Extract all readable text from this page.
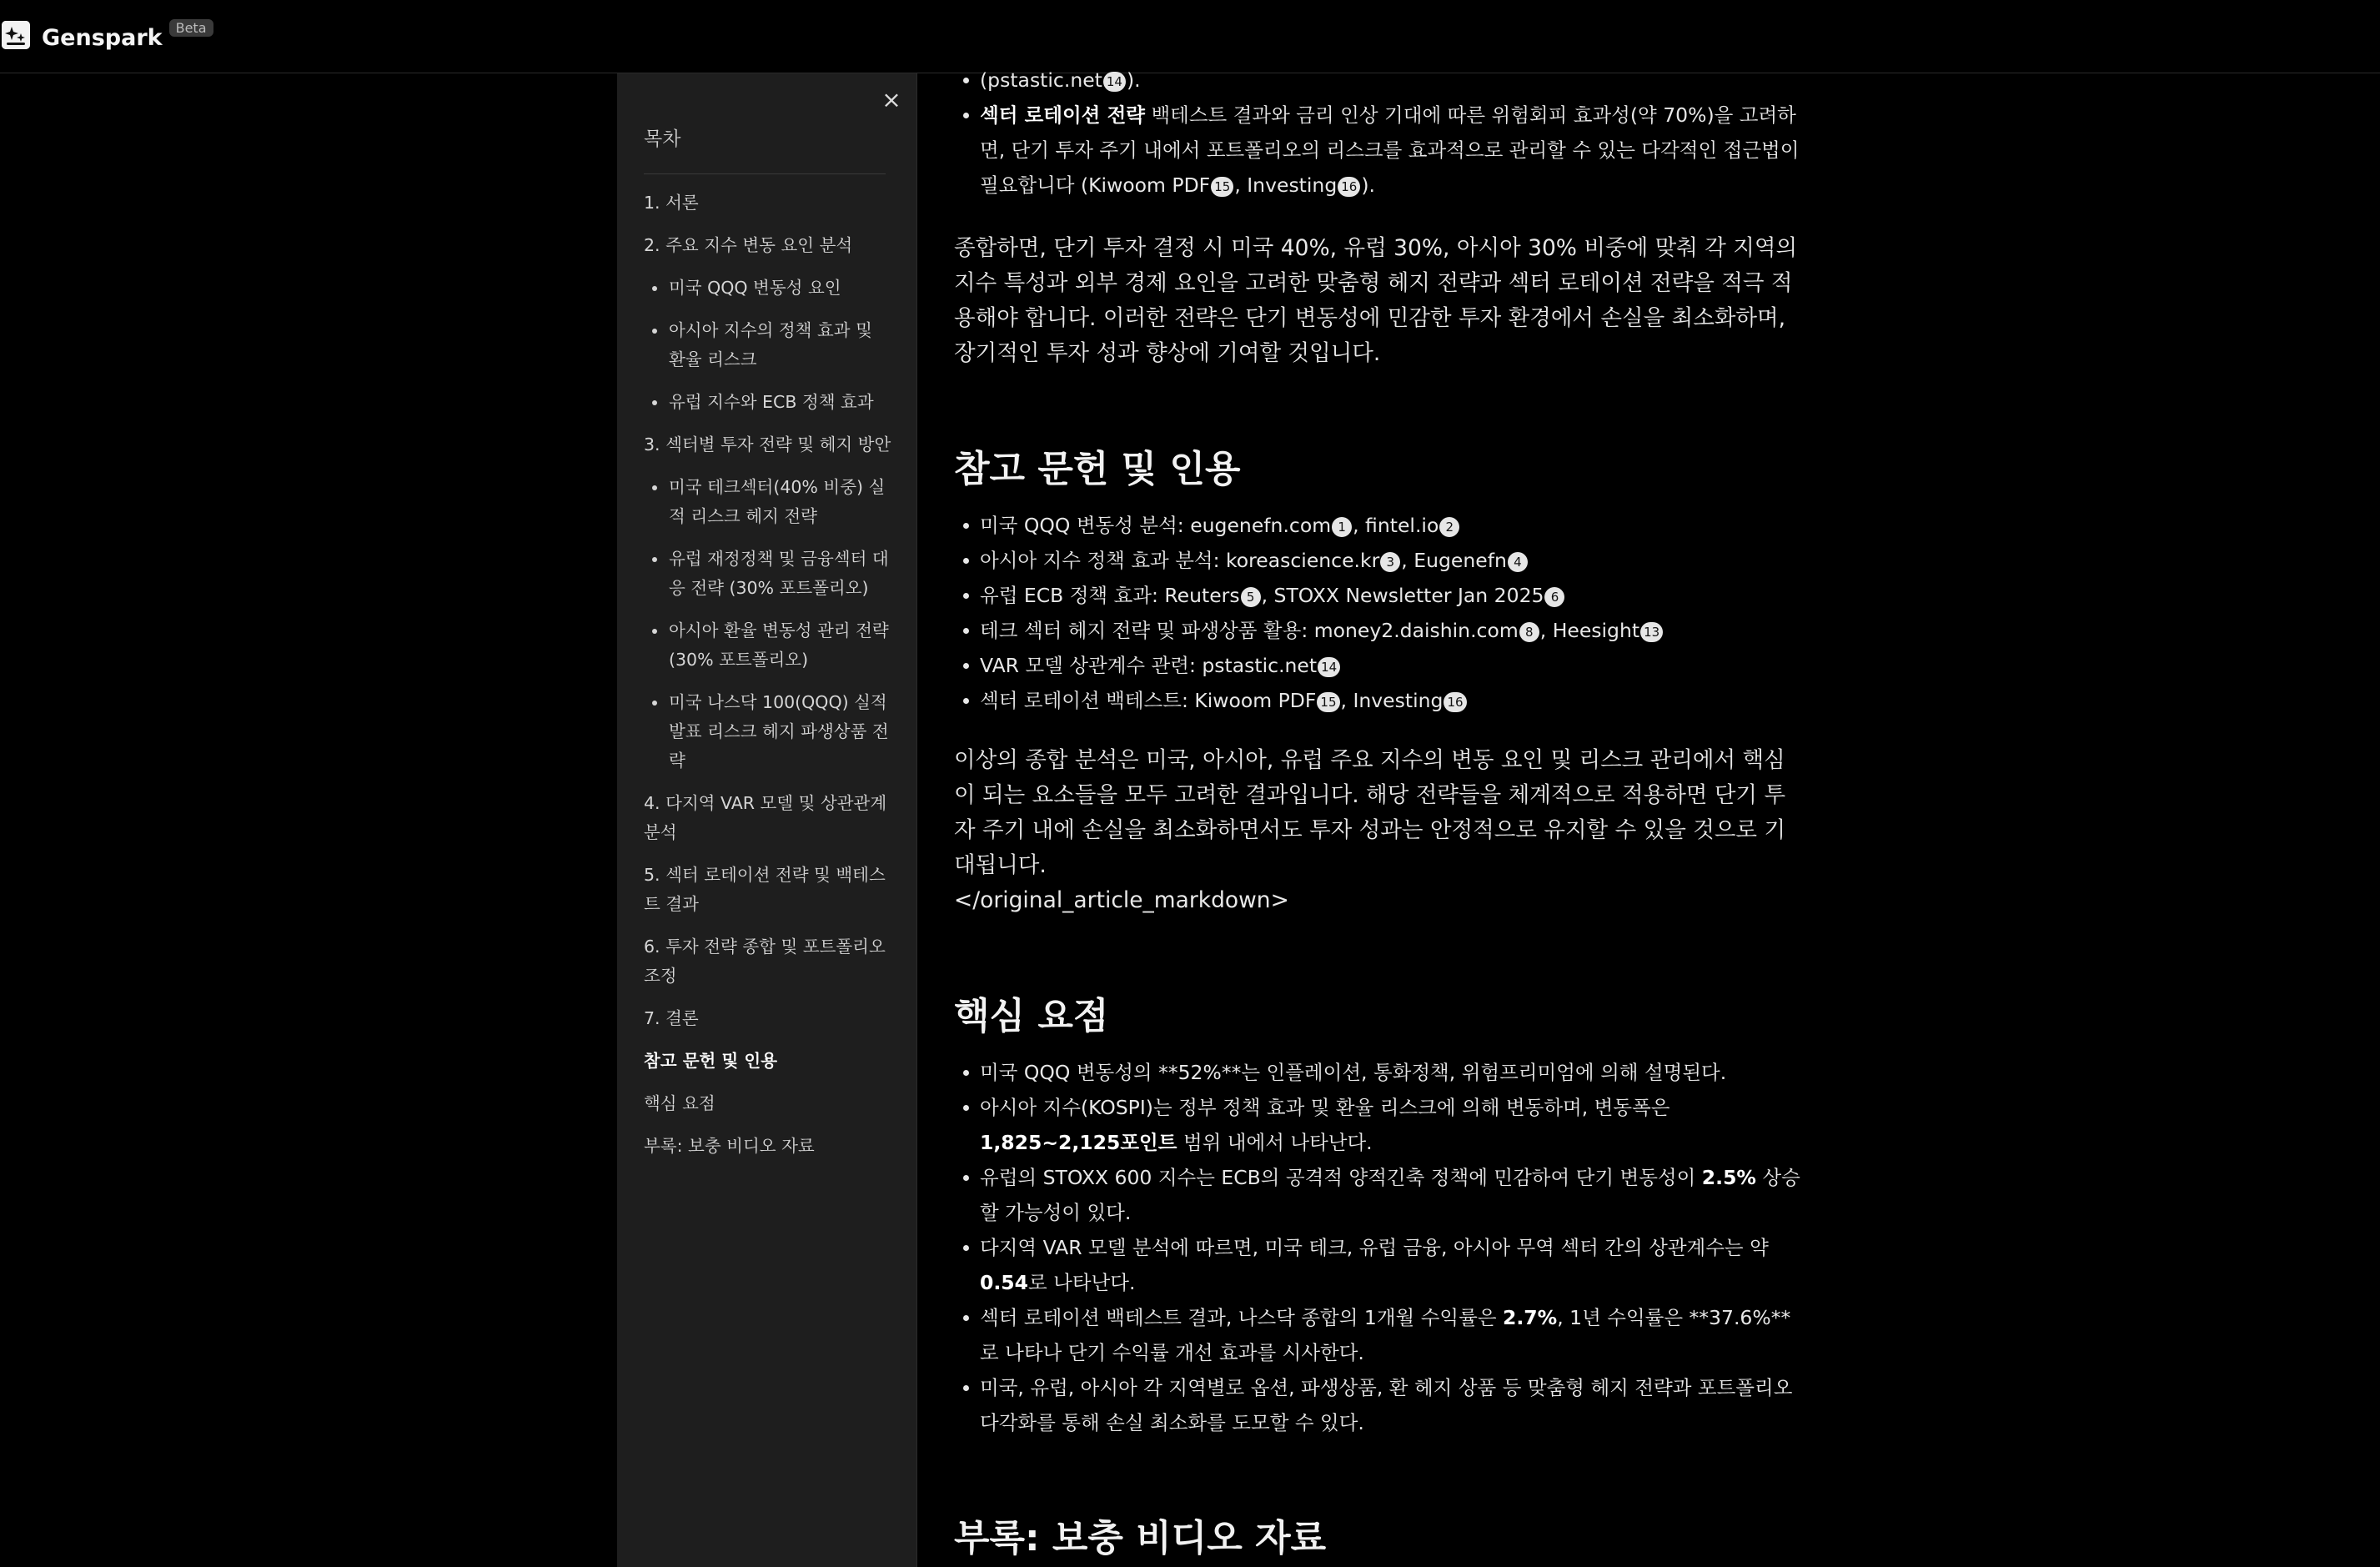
Genspark	Beta
×
목차
1. 서론
2. 주요 지수 변동 요인 분석
미국 QQQ 변동성 요인
아시아 지수의 정책 효과 및 환율 리스크
유럽 지수와 ECB 정책 효과
3. 섹터별 투자 전략 및 헤지 방안
미국 테크섹터(40% 비중) 실적 리스크 헤지 전략
유럽 재정정책 및 금융섹터 대응 전략 (30% 포트폴리오)
아시아 환율 변동성 관리 전략 (30% 포트폴리오)
미국 나스닥 100(QQQ) 실적 발표 리스크 헤지 파생상품 전략
4. 다지역 VAR 모델 및 상관관계 분석
5. 섹터 로테이션 전략 및 백테스트 결과
6. 투자 전략 종합 및 포트폴리오 조정
7. 결론
참고 문헌 및 인용
핵심 요점
부록: 보충 비디오 자료

(pstastic.net 14 ).
섹터 로테이션 전략 백테스트 결과와 금리 인상 기대에 따른 위험회피 효과성(약 70%)을 고려하면, 단기 투자 주기 내에서 포트폴리오의 리스크를 효과적으로 관리할 수 있는 다각적인 접근법이 필요합니다 (Kiwoom PDF 15 , Investing 16 ).

종합하면, 단기 투자 결정 시 미국 40%, 유럽 30%, 아시아 30% 비중에 맞춰 각 지역의 지수 특성과 외부 경제 요인을 고려한 맞춤형 헤지 전략과 섹터 로테이션 전략을 적극 적용해야 합니다. 이러한 전략은 단기 변동성에 민감한 투자 환경에서 손실을 최소화하며, 장기적인 투자 성과 향상에 기여할 것입니다.

참고 문헌 및 인용
미국 QQQ 변동성 분석: eugenefn.com 1 , fintel.io 2
아시아 지수 정책 효과 분석: koreascience.kr 3 , Eugenefn 4
유럽 ECB 정책 효과: Reuters 5 , STOXX Newsletter Jan 2025 6
테크 섹터 헤지 전략 및 파생상품 활용: money2.daishin.com 8 , Heesight 13
VAR 모델 상관계수 관련: pstastic.net 14
섹터 로테이션 백테스트: Kiwoom PDF 15 , Investing 16

이상의 종합 분석은 미국, 아시아, 유럽 주요 지수의 변동 요인 및 리스크 관리에서 핵심이 되는 요소들을 모두 고려한 결과입니다. 해당 전략들을 체계적으로 적용하면 단기 투자 주기 내에 손실을 최소화하면서도 투자 성과는 안정적으로 유지할 수 있을 것으로 기대됩니다.

</original_article_markdown>

핵심 요점
미국 QQQ 변동성의 **52%**는 인플레이션, 통화정책, 위험프리미엄에 의해 설명된다.
아시아 지수(KOSPI)는 정부 정책 효과 및 환율 리스크에 의해 변동하며, 변동폭은 1,825~2,125포인트 범위 내에서 나타난다.
유럽의 STOXX 600 지수는 ECB의 공격적 양적긴축 정책에 민감하여 단기 변동성이 2.5% 상승할 가능성이 있다.
다지역 VAR 모델 분석에 따르면, 미국 테크, 유럽 금융, 아시아 무역 섹터 간의 상관계수는 약 0.54로 나타난다.
섹터 로테이션 백테스트 결과, 나스닥 종합의 1개월 수익률은 2.7%, 1년 수익률은 **37.6%**로 나타나 단기 수익률 개선 효과를 시사한다.
미국, 유럽, 아시아 각 지역별로 옵션, 파생상품, 환 헤지 상품 등 맞춤형 헤지 전략과 포트폴리오 다각화를 통해 손실 최소화를 도모할 수 있다.
부록: 보충 비디오 자료
